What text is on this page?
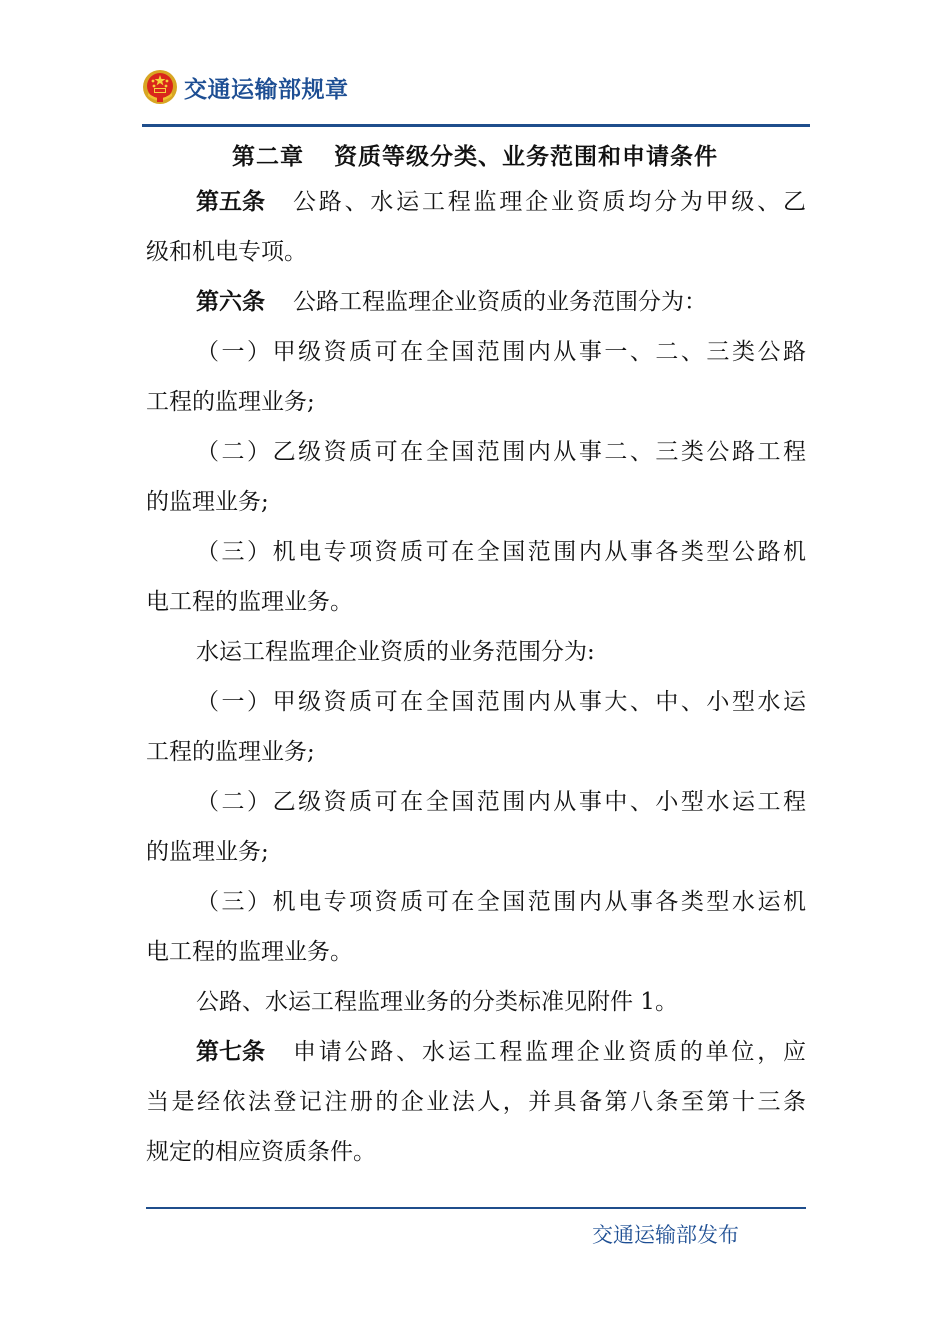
交通运输部规章
第二章 资质等级分类、业务范围和申请条件
第五条 公路、水运工程监理企业资质均分为甲级、乙
级和机电专项。
第六条 公路工程监理企业资质的业务范围分为：
（一）甲级资质可在全国范围内从事一、二、三类公路
工程的监理业务;
（二）乙级资质可在全国范围内从事二、三类公路工程
的监理业务;
（三）机电专项资质可在全国范围内从事各类型公路机
电工程的监理业务。
水运工程监理企业资质的业务范围分为:
（一）甲级资质可在全国范围内从事大、中、小型水运
工程的监理业务;
（二）乙级资质可在全国范围内从事中、小型水运工程
的监理业务;
（三）机电专项资质可在全国范围内从事各类型水运机
电工程的监理业务。
公路、水运工程监理业务的分类标准见附件 1。
第七条 申请公路、水运工程监理企业资质的单位，应
当是经依法登记注册的企业法人，并具备第八条至第十三条
规定的相应资质条件。
交通运输部发布
